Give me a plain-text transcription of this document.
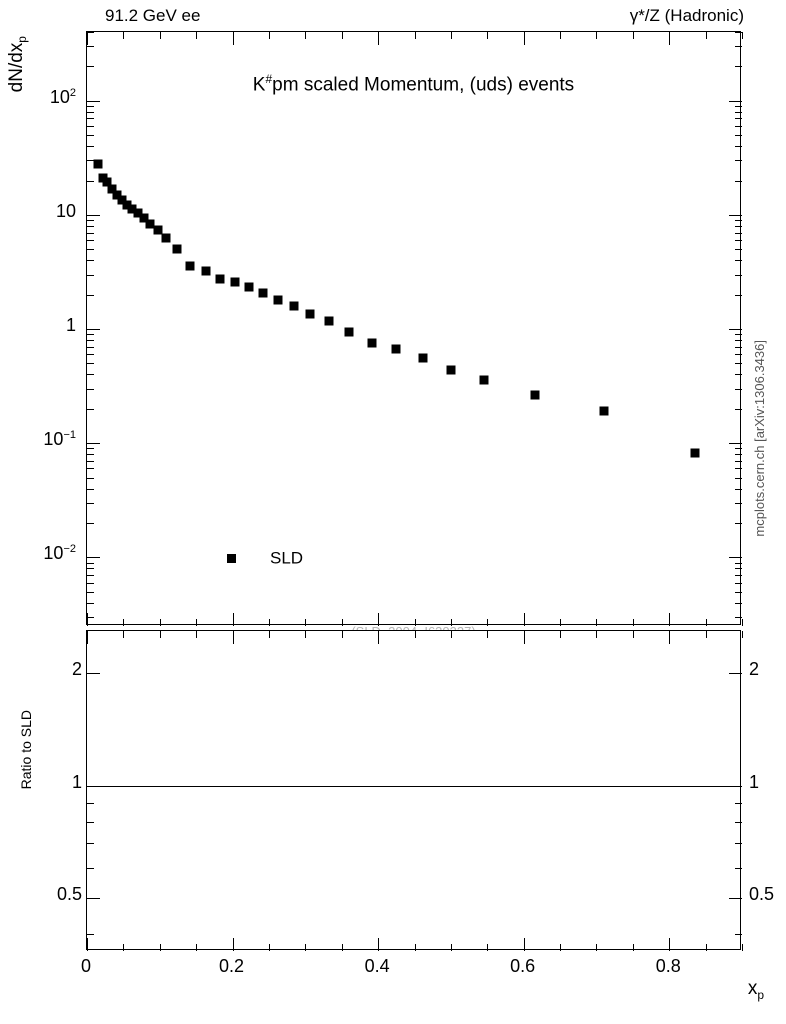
91.2 GeV ee	γ*/Z (Hadronic)
$dN/dx_p$
Ratio to SLD
$x_p$
mcplots.cern.ch [arXiv:1306.3436]
K#pm scaled Momentum, (uds) events
SLD
$10^{-2}$
$10^{-1}$
1
10
$10^2$
0	0.2	0.4	0.6	0.8
0.5	0.5
1	1
2	2
